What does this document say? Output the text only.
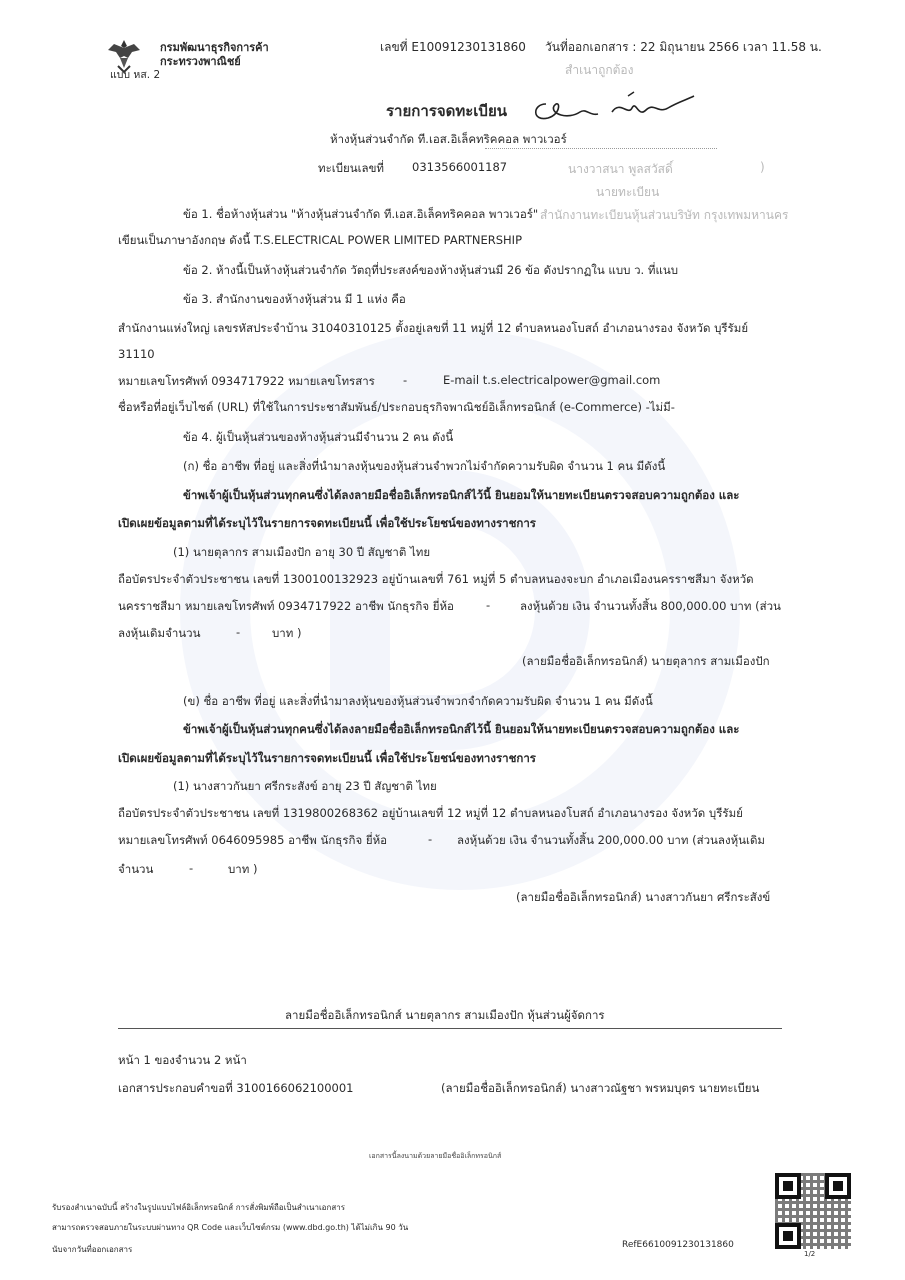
กรมพัฒนาธุรกิจการค้า
กระทรวงพาณิชย์
แบบ หส. 2
เลขที่ E10091230131860 วันที่ออกเอกสาร : 22 มิถุนายน 2566 เวลา 11.58 น.
สำเนาถูกต้อง
รายการจดทะเบียน
ห้างหุ้นส่วนจำกัด ที.เอส.อิเล็คทริคคอล พาวเวอร์
ทะเบียนเลขที่ 0313566001187	นางวาสนา พูลสวัสดิ์	)
นายทะเบียน
สำนักงานทะเบียนหุ้นส่วนบริษัท กรุงเทพมหานคร
ข้อ 1. ชื่อห้างหุ้นส่วน "ห้างหุ้นส่วนจำกัด ที.เอส.อิเล็คทริคคอล พาวเวอร์"
เขียนเป็นภาษาอังกฤษ ดังนี้ T.S.ELECTRICAL POWER LIMITED PARTNERSHIP
ข้อ 2. ห้างนี้เป็นห้างหุ้นส่วนจำกัด วัตถุที่ประสงค์ของห้างหุ้นส่วนมี 26 ข้อ ดังปรากฏใน แบบ ว. ที่แนบ
ข้อ 3. สำนักงานของห้างหุ้นส่วน มี 1 แห่ง คือ
สำนักงานแห่งใหญ่ เลขรหัสประจำบ้าน 31040310125 ตั้งอยู่เลขที่ 11 หมู่ที่ 12 ตำบลหนองโบสถ์ อำเภอนางรอง จังหวัด บุรีรัมย์
31110
หมายเลขโทรศัพท์ 0934717922 หมายเลขโทรสาร -	E-mail t.s.electricalpower@gmail.com
ชื่อหรือที่อยู่เว็บไซต์ (URL) ที่ใช้ในการประชาสัมพันธ์/ประกอบธุรกิจพาณิชย์อิเล็กทรอนิกส์ (e-Commerce) -ไม่มี-
ข้อ 4. ผู้เป็นหุ้นส่วนของห้างหุ้นส่วนมีจำนวน 2 คน ดังนี้
(ก) ชื่อ อาชีพ ที่อยู่ และสิ่งที่นำมาลงหุ้นของหุ้นส่วนจำพวกไม่จำกัดความรับผิด จำนวน 1 คน มีดังนี้
ข้าพเจ้าผู้เป็นหุ้นส่วนทุกคนซึ่งได้ลงลายมือชื่ออิเล็กทรอนิกส์ไว้นี้ ยินยอมให้นายทะเบียนตรวจสอบความถูกต้อง และ
เปิดเผยข้อมูลตามที่ได้ระบุไว้ในรายการจดทะเบียนนี้ เพื่อใช้ประโยชน์ของทางราชการ
(1) นายตุลากร สามเมืองปัก อายุ 30 ปี สัญชาติ ไทย
ถือบัตรประจำตัวประชาชน เลขที่ 1300100132923 อยู่บ้านเลขที่ 761 หมู่ที่ 5 ตำบลหนองจะบก อำเภอเมืองนครราชสีมา จังหวัด
นครราชสีมา หมายเลขโทรศัพท์ 0934717922 อาชีพ นักธุรกิจ ยี่ห้อ	-	ลงหุ้นด้วย เงิน จำนวนทั้งสิ้น 800,000.00 บาท (ส่วน
ลงหุ้นเดิมจำนวน	-	บาท )
(ลายมือชื่ออิเล็กทรอนิกส์) นายตุลากร สามเมืองปัก
(ข) ชื่อ อาชีพ ที่อยู่ และสิ่งที่นำมาลงหุ้นของหุ้นส่วนจำพวกจำกัดความรับผิด จำนวน 1 คน มีดังนี้
ข้าพเจ้าผู้เป็นหุ้นส่วนทุกคนซึ่งได้ลงลายมือชื่ออิเล็กทรอนิกส์ไว้นี้ ยินยอมให้นายทะเบียนตรวจสอบความถูกต้อง และ
เปิดเผยข้อมูลตามที่ได้ระบุไว้ในรายการจดทะเบียนนี้ เพื่อใช้ประโยชน์ของทางราชการ
(1) นางสาวกันยา ศรีกระสังข์ อายุ 23 ปี สัญชาติ ไทย
ถือบัตรประจำตัวประชาชน เลขที่ 1319800268362 อยู่บ้านเลขที่ 12 หมู่ที่ 12 ตำบลหนองโบสถ์ อำเภอนางรอง จังหวัด บุรีรัมย์
หมายเลขโทรศัพท์ 0646095985 อาชีพ นักธุรกิจ ยี่ห้อ	- ลงหุ้นด้วย เงิน จำนวนทั้งสิ้น 200,000.00 บาท (ส่วนลงหุ้นเดิม
จำนวน	-	บาท )
(ลายมือชื่ออิเล็กทรอนิกส์) นางสาวกันยา ศรีกระสังข์
ลายมือชื่ออิเล็กทรอนิกส์ นายตุลากร สามเมืองปัก หุ้นส่วนผู้จัดการ
หน้า 1 ของจำนวน 2 หน้า
เอกสารประกอบคำขอที่ 3100166062100001	(ลายมือชื่ออิเล็กทรอนิกส์) นางสาวณัฐชา พรหมบุตร นายทะเบียน
เอกสารนี้ลงนามด้วยลายมือชื่ออิเล็กทรอนิกส์
รับรองสำเนาฉบับนี้ สร้างในรูปแบบไฟล์อิเล็กทรอนิกส์ การสั่งพิมพ์ถือเป็นสำเนาเอกสาร
สามารถตรวจสอบภายในระบบผ่านทาง QR Code และเว็บไซต์กรม (www.dbd.go.th) ได้ไม่เกิน 90 วัน
นับจากวันที่ออกเอกสาร	RefE6610091230131860
1/2
